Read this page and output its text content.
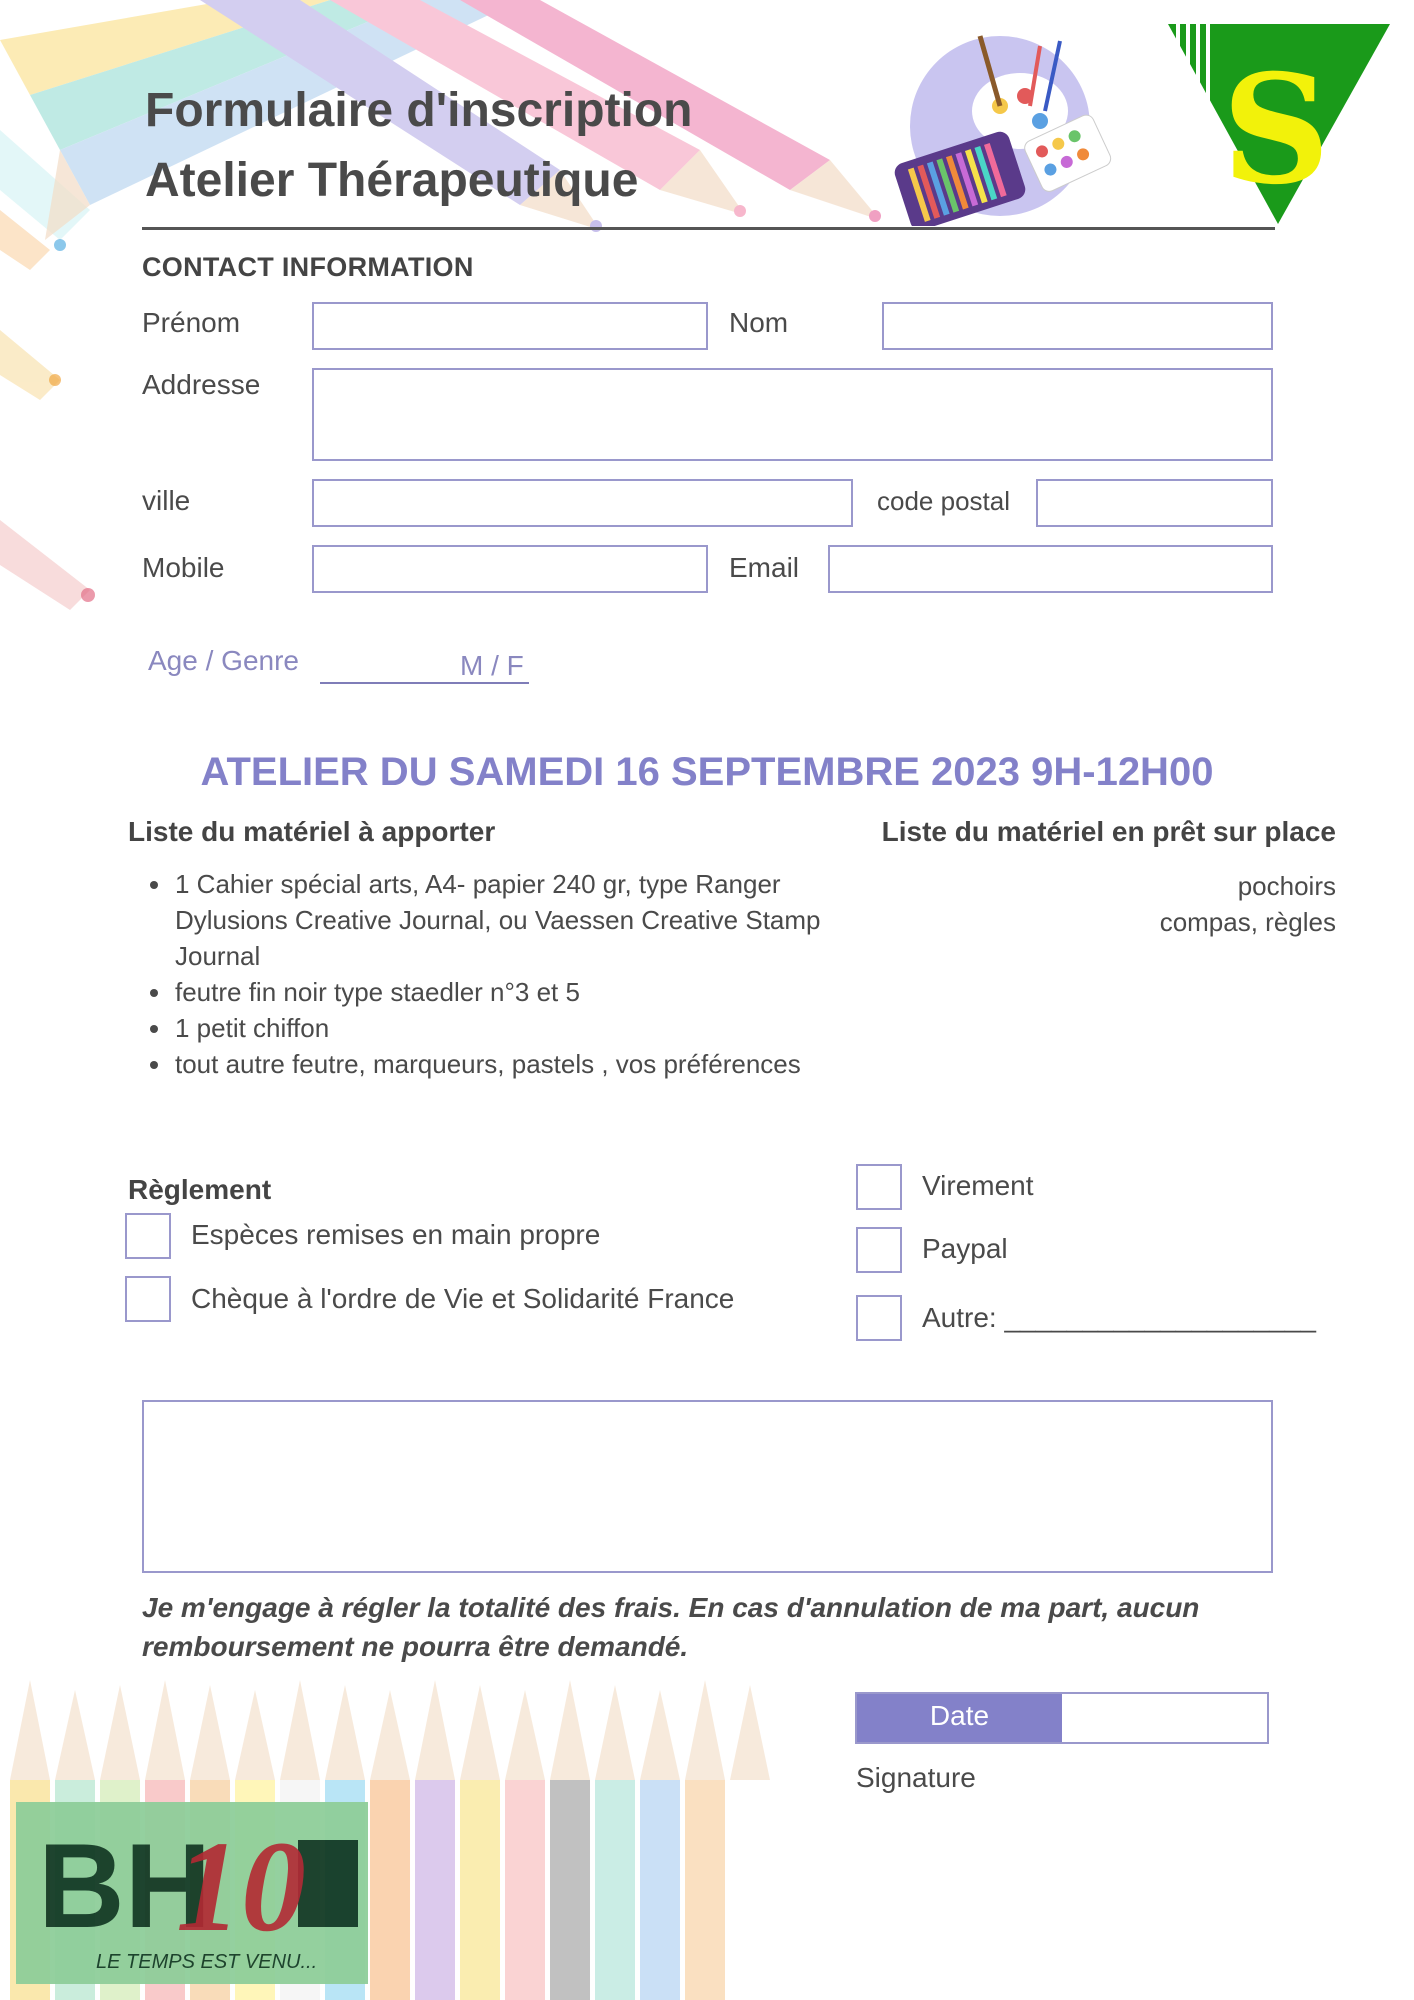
S
Formulaire d'inscription
Atelier Thérapeutique
CONTACT INFORMATION
Prénom	Nom
Addresse
ville	code postal
Mobile	Email
Age / Genre	M / F
ATELIER DU SAMEDI 16 SEPTEMBRE 2023 9H-12H00
Liste du matériel à apporter	Liste du matériel en prêt sur place
• 1 Cahier spécial arts, A4- papier 240 gr, type Ranger Dylusions Creative Journal, ou Vaessen Creative Stamp Journal
• feutre fin noir type staedler n°3 et 5
• 1 petit chiffon
• tout autre feutre, marqueurs, pastels , vos préférences
pochoirs
compas, règles
Règlement
Espèces remises en main propre
Chèque à l'ordre de Vie et Solidarité France
Virement
Paypal
Autre: ____________________
Je m'engage à régler la totalité des frais. En cas d'annulation de ma part, aucun remboursement ne pourra être demandé.
Date
Signature
BH
10
LE TEMPS EST VENU...
